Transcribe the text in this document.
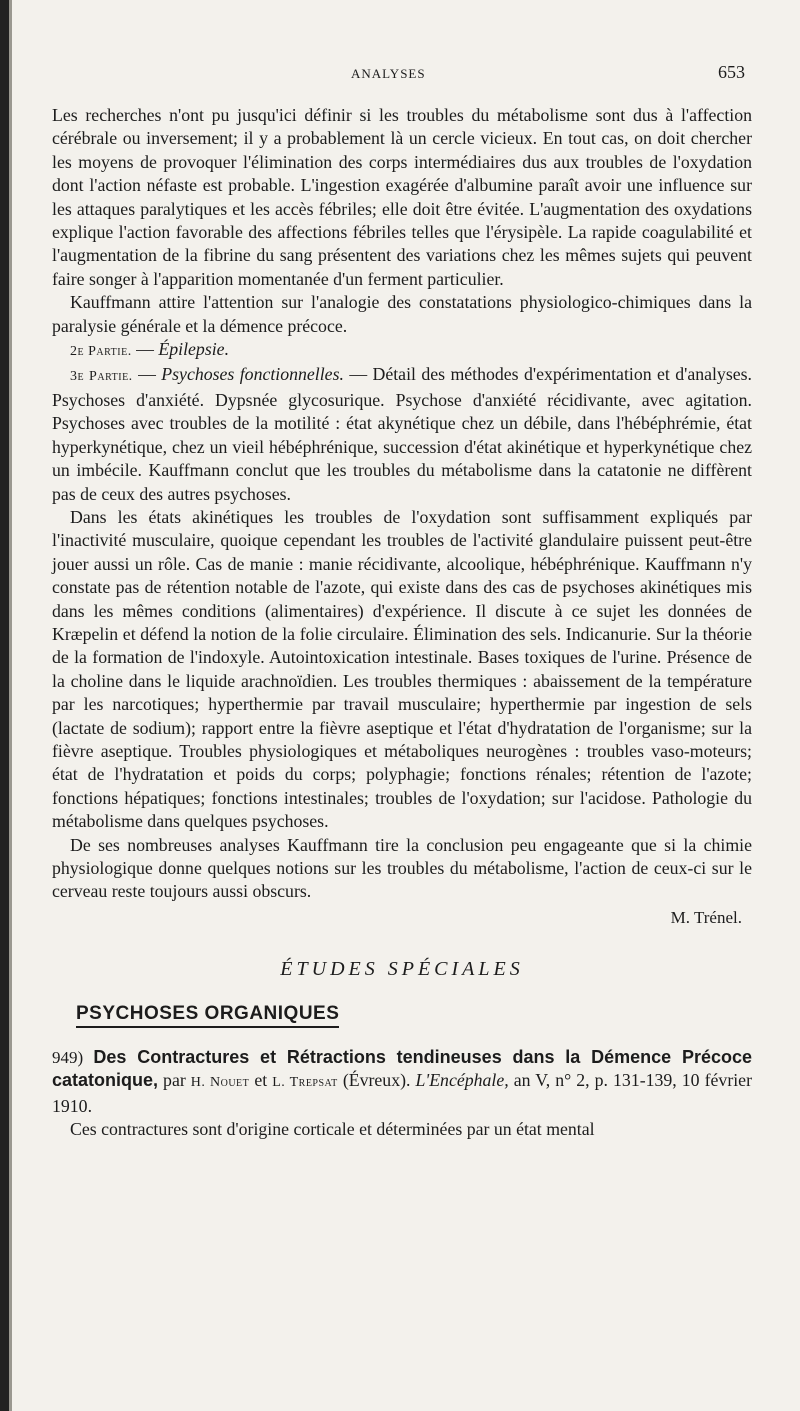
ANALYSES	653

Les recherches n'ont pu jusqu'ici définir si les troubles du métabolisme sont dus à l'affection cérébrale ou inversement; il y a probablement là un cercle vicieux. En tout cas, on doit chercher les moyens de provoquer l'élimination des corps intermédiaires dus aux troubles de l'oxydation dont l'action néfaste est probable. L'ingestion exagérée d'albumine paraît avoir une influence sur les attaques paralytiques et les accès fébriles; elle doit être évitée. L'augmentation des oxydations explique l'action favorable des affections fébriles telles que l'érysipèle. La rapide coagulabilité et l'augmentation de la fibrine du sang présentent des variations chez les mêmes sujets qui peuvent faire songer à l'apparition momentanée d'un ferment particulier.

Kauffmann attire l'attention sur l'analogie des constatations physiologico-chimiques dans la paralysie générale et la démence précoce.

2e Partie. — Épilepsie.

3e Partie. — Psychoses fonctionnelles. — Détail des méthodes d'expérimentation et d'analyses. Psychoses d'anxiété. Dypsnée glycosurique. Psychose d'anxiété récidivante, avec agitation. Psychoses avec troubles de la motilité : état akynétique chez un débile, dans l'hébéphrémie, état hyperkynétique, chez un vieil hébéphrénique, succession d'état akinétique et hyperkynétique chez un imbécile. Kauffmann conclut que les troubles du métabolisme dans la catatonie ne diffèrent pas de ceux des autres psychoses.

Dans les états akinétiques les troubles de l'oxydation sont suffisamment expliqués par l'inactivité musculaire, quoique cependant les troubles de l'activité glandulaire puissent peut-être jouer aussi un rôle. Cas de manie : manie récidivante, alcoolique, hébéphrénique. Kauffmann n'y constate pas de rétention notable de l'azote, qui existe dans des cas de psychoses akinétiques mis dans les mêmes conditions (alimentaires) d'expérience. Il discute à ce sujet les données de Kræpelin et défend la notion de la folie circulaire. Élimination des sels. Indicanurie. Sur la théorie de la formation de l'indoxyle. Autointoxication intestinale. Bases toxiques de l'urine. Présence de la choline dans le liquide arachnoïdien. Les troubles thermiques : abaissement de la température par les narcotiques; hyperthermie par travail musculaire; hyperthermie par ingestion de sels (lactate de sodium); rapport entre la fièvre aseptique et l'état d'hydratation de l'organisme; sur la fièvre aseptique. Troubles physiologiques et métaboliques neurogènes : troubles vaso-moteurs; état de l'hydratation et poids du corps; polyphagie; fonctions rénales; rétention de l'azote; fonctions hépatiques; fonctions intestinales; troubles de l'oxydation; sur l'acidose. Pathologie du métabolisme dans quelques psychoses.

De ses nombreuses analyses Kauffmann tire la conclusion peu engageante que si la chimie physiologique donne quelques notions sur les troubles du métabolisme, l'action de ceux-ci sur le cerveau reste toujours aussi obscurs.

M. Trénel.
ÉTUDES SPÉCIALES
PSYCHOSES ORGANIQUES

949) Des Contractures et Rétractions tendineuses dans la Démence Précoce catatonique, par H. Nouet et L. Trepsat (Évreux). L'Encéphale, an V, n° 2, p. 131-139, 10 février 1910.

Ces contractures sont d'origine corticale et déterminées par un état mental
